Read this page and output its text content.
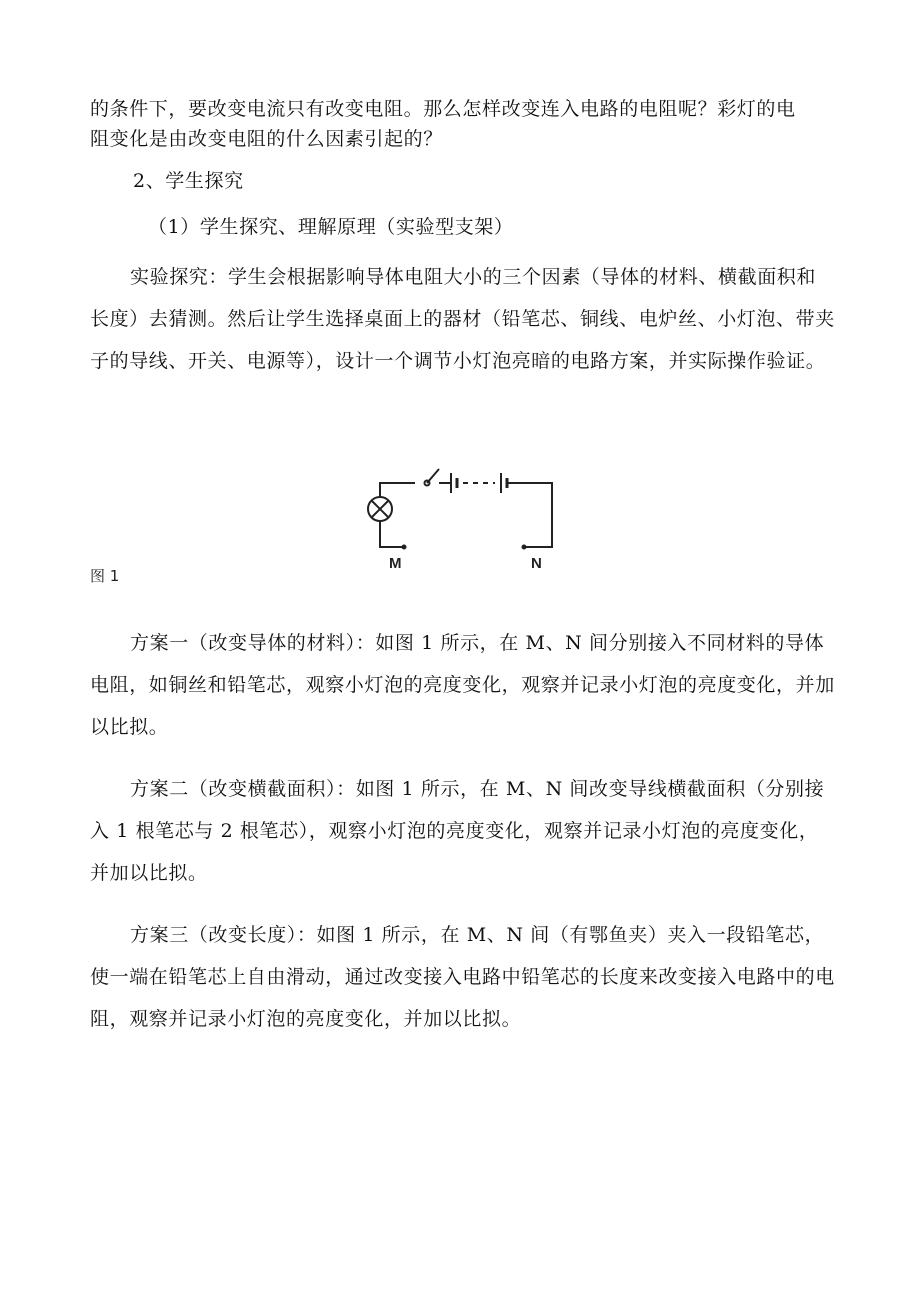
的条件下，要改变电流只有改变电阻。那么怎样改变连入电路的电阻呢？彩灯的电

阻变化是由改变电阻的什么因素引起的？

2、学生探究

（1）学生探究、理解原理（实验型支架）

实验探究：学生会根据影响导体电阻大小的三个因素（导体的材料、横截面积和长度）去猜测。然后让学生选择桌面上的器材（铅笔芯、铜线、电炉丝、小灯泡、带夹子的导线、开关、电源等），设计一个调节小灯泡亮暗的电路方案，并实际操作验证。

M	N
图 1

方案一（改变导体的材料）：如图 1 所示，在 M、N 间分别接入不同材料的导体电阻，如铜丝和铅笔芯，观察小灯泡的亮度变化，观察并记录小灯泡的亮度变化，并加以比拟。

方案二（改变横截面积）：如图 1 所示，在 M、N 间改变导线横截面积（分别接入 1 根笔芯与 2 根笔芯），观察小灯泡的亮度变化，观察并记录小灯泡的亮度变化，并加以比拟。

方案三（改变长度）：如图 1 所示，在 M、N 间（有鄂鱼夹）夹入一段铅笔芯，使一端在铅笔芯上自由滑动，通过改变接入电路中铅笔芯的长度来改变接入电路中的电阻，观察并记录小灯泡的亮度变化，并加以比拟。
